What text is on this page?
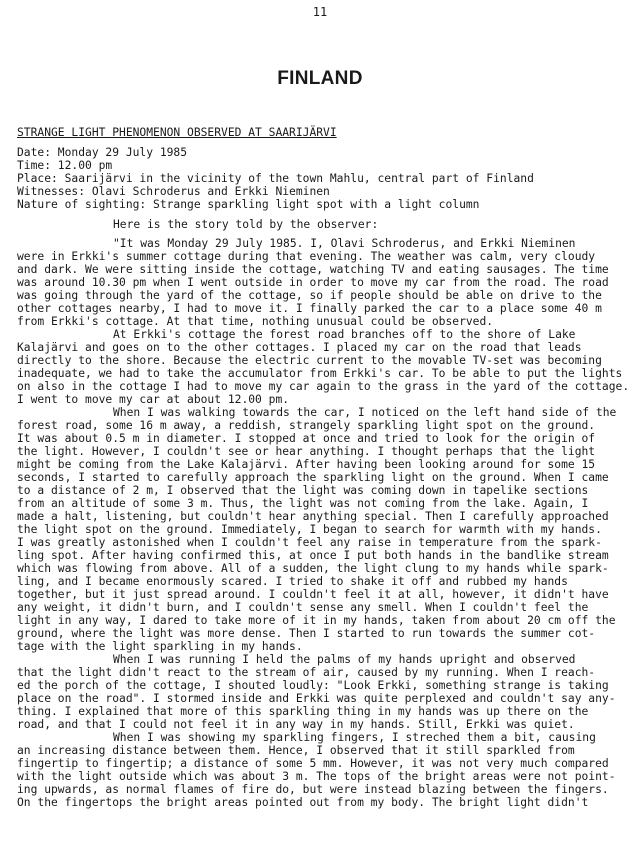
11
FINLAND
STRANGE LIGHT PHENOMENON OBSERVED AT SAARIJÄRVI
Date: Monday 29 July 1985
Time: 12.00 pm
Place: Saarijärvi in the vicinity of the town Mahlu, central part of Finland
Witnesses: Olavi Schroderus and Erkki Nieminen
Nature of sighting: Strange sparkling light spot with a light column
Here is the story told by the observer:
"It was Monday 29 July 1985. I, Olavi Schroderus, and Erkki Nieminen
were in Erkki's summer cottage during that evening. The weather was calm, very cloudy
and dark. We were sitting inside the cottage, watching TV and eating sausages. The time
was around 10.30 pm when I went outside in order to move my car from the road. The road
was going through the yard of the cottage, so if people should be able on drive to the
other cottages nearby, I had to move it. I finally parked the car to a place some 40 m
from Erkki's cottage. At that time, nothing unusual could be observed.
At Erkki's cottage the forest road branches off to the shore of Lake
Kalajärvi and goes on to the other cottages. I placed my car on the road that leads
directly to the shore. Because the electric current to the movable TV-set was becoming
inadequate, we had to take the accumulator from Erkki's car. To be able to put the lights
on also in the cottage I had to move my car again to the grass in the yard of the cottage.
I went to move my car at about 12.00 pm.
When I was walking towards the car, I noticed on the left hand side of the
forest road, some 16 m away, a reddish, strangely sparkling light spot on the ground.
It was about 0.5 m in diameter. I stopped at once and tried to look for the origin of
the light. However, I couldn't see or hear anything. I thought perhaps that the light
might be coming from the Lake Kalajärvi. After having been looking around for some 15
seconds, I started to carefully approach the sparkling light on the ground. When I came
to a distance of 2 m, I observed that the light was coming down in tapelike sections
from an altitude of some 3 m. Thus, the light was not coming from the lake. Again, I
made a halt, listening, but couldn't hear anything special. Then I carefully approached
the light spot on the ground. Immediately, I began to search for warmth with my hands.
I was greatly astonished when I couldn't feel any raise in temperature from the spark-
ling spot. After having confirmed this, at once I put both hands in the bandlike stream
which was flowing from above. All of a sudden, the light clung to my hands while spark-
ling, and I became enormously scared. I tried to shake it off and rubbed my hands
together, but it just spread around. I couldn't feel it at all, however, it didn't have
any weight, it didn't burn, and I couldn't sense any smell. When I couldn't feel the
light in any way, I dared to take more of it in my hands, taken from about 20 cm off the
ground, where the light was more dense. Then I started to run towards the summer cot-
tage with the light sparkling in my hands.
When I was running I held the palms of my hands upright and observed
that the light didn't react to the stream of air, caused by my running. When I reach-
ed the porch of the cottage, I shouted loudly: "Look Erkki, something strange is taking
place on the road". I stormed inside and Erkki was quite perplexed and couldn't say any-
thing. I explained that more of this sparkling thing in my hands was up there on the
road, and that I could not feel it in any way in my hands. Still, Erkki was quiet.
When I was showing my sparkling fingers, I streched them a bit, causing
an increasing distance between them. Hence, I observed that it still sparkled from
fingertip to fingertip; a distance of some 5 mm. However, it was not very much compared
with the light outside which was about 3 m. The tops of the bright areas were not point-
ing upwards, as normal flames of fire do, but were instead blazing between the fingers.
On the fingertops the bright areas pointed out from my body. The bright light didn't
